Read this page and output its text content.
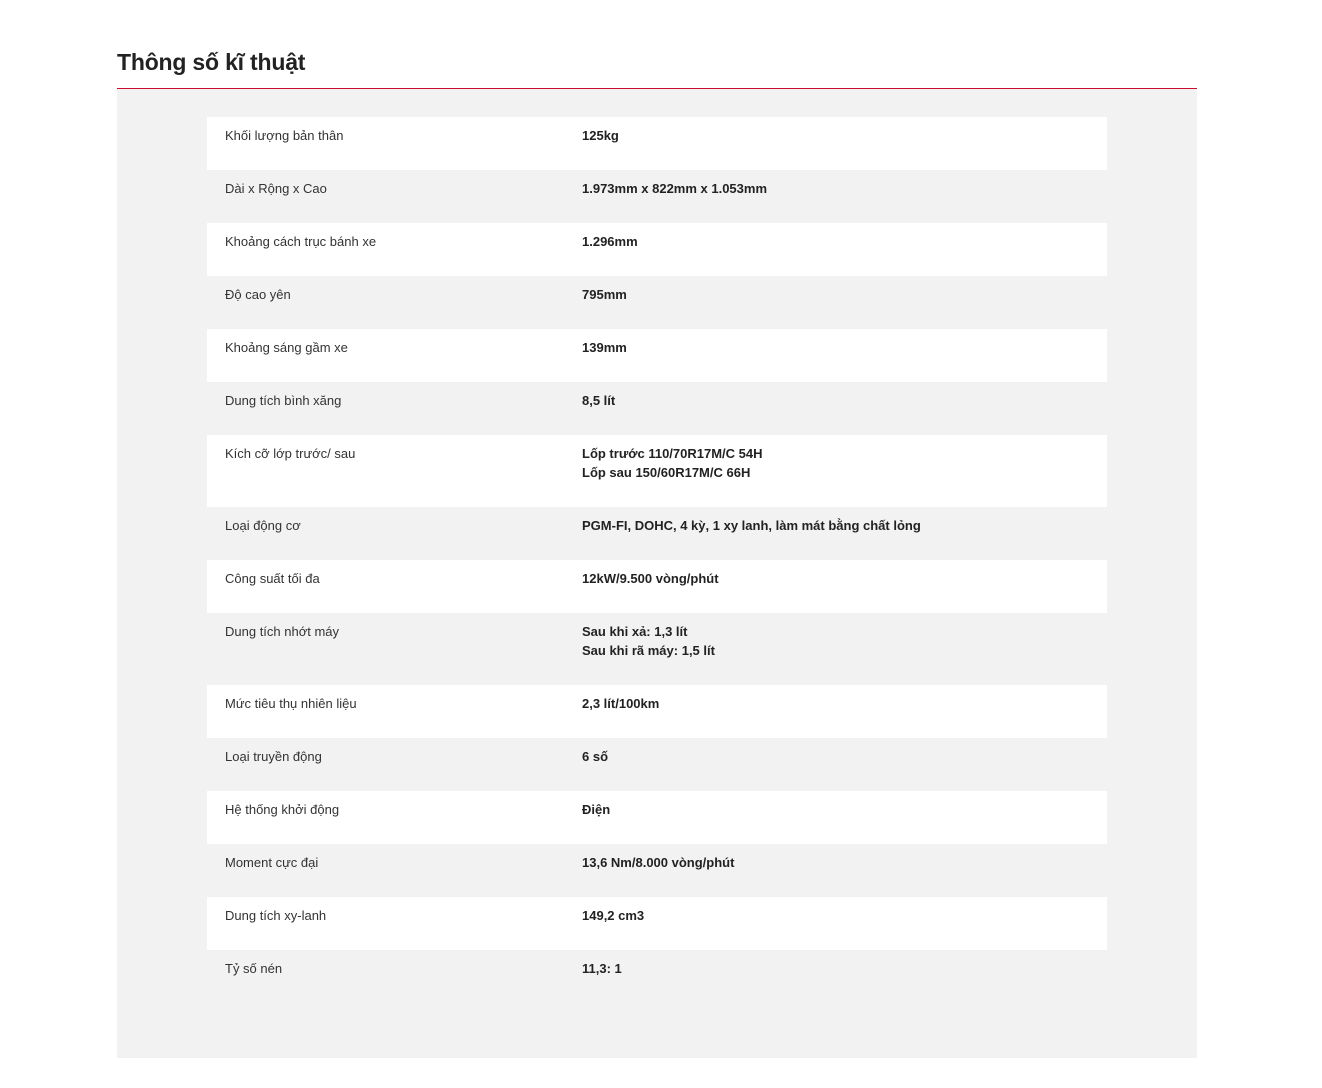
Thông số kĩ thuật
Khối lượng bản thân	125kg
Dài x Rộng x Cao	1.973mm x 822mm x 1.053mm
Khoảng cách trục bánh xe	1.296mm
Độ cao yên	795mm
Khoảng sáng gầm xe	139mm
Dung tích bình xăng	8,5 lít
Kích cỡ lớp trước/ sau	Lốp trước 110/70R17M/C 54H
Lốp sau 150/60R17M/C 66H
Loại động cơ	PGM-FI, DOHC, 4 kỳ, 1 xy lanh, làm mát bằng chất lỏng
Công suất tối đa	12kW/9.500 vòng/phút
Dung tích nhớt máy	Sau khi xả: 1,3 lít
Sau khi rã máy: 1,5 lít
Mức tiêu thụ nhiên liệu	2,3 lít/100km
Loại truyền động	6 số
Hệ thống khởi động	Điện
Moment cực đại	13,6 Nm/8.000 vòng/phút
Dung tích xy-lanh	149,2 cm3
Tỷ số nén	11,3: 1
